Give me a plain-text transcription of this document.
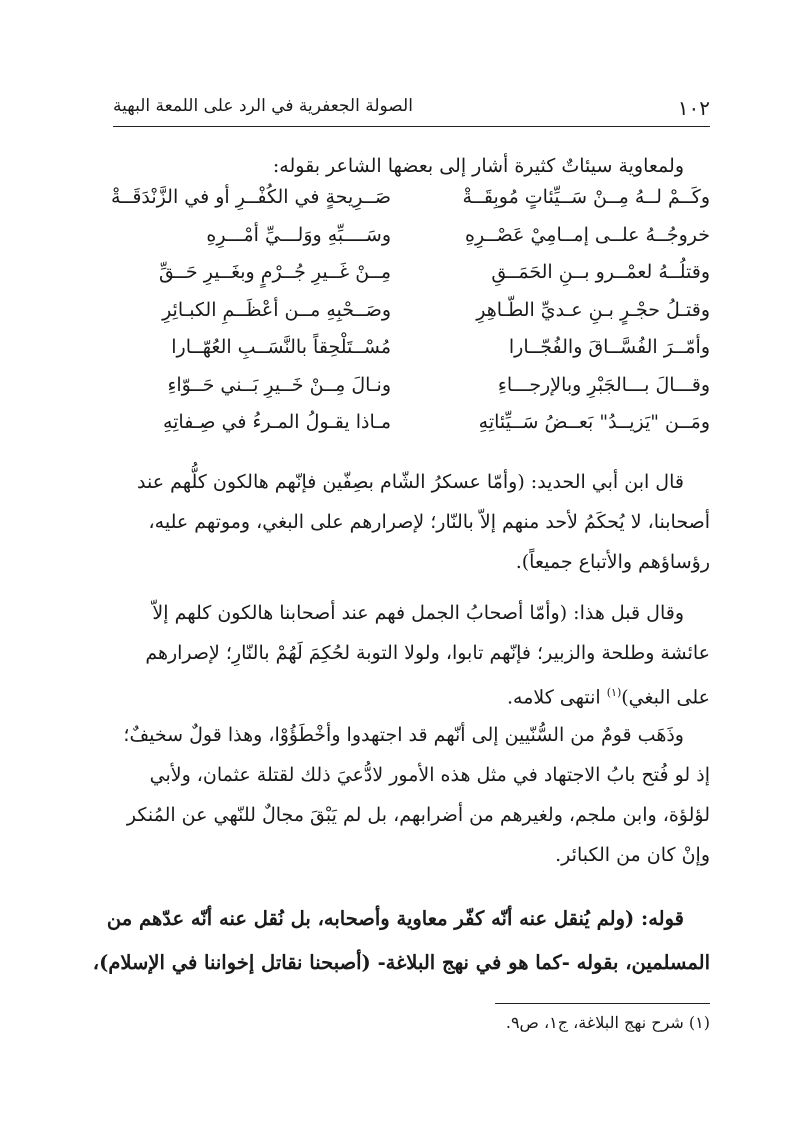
١٠٢
الصولة الجعفرية في الرد على اللمعة البهية

ولمعاوية سيئاتٌ كثيرة أشار إلى بعضها الشاعر بقوله:

وكَــمْ لــهُ مِــنْ سَــيِّئاتٍ مُوبِقَــةْ
صَــرِيحةٍ في الكُفْــرِ أو في الزَّنْدَقَــةْ
خروجُــهُ علــى إمــامِيْ عَصْــرِهِ
وسَــــبِّهِ ووَلـــيِّ أمْـــرِهِ
وقتلُــهُ لعمْــرو بــنِ الحَمَــقِ
مِــنْ غَــيرِ جُــرْمٍ وبغَــيرِ حَــقِّ
وقتـلُ حجْـرٍ بـنِ عـديِّ الطّـاهِرِ
وصَــحْبِهِ مــن أعْظَــمِ الكبـائِرِ
وأمّــرَ الفُسَّــاقَ والفُجّــارا
مُسْــتَلْحِقاً بالنَّسَــبِ العُهّــارا
وقـــالَ بـــالجَبْرِ وبالإرجـــاءِ
ونـالَ مِــنْ خَــيرِ بَــني حَــوّاءِ
ومَــن "يَزيــدُ" بَعــضُ سَــيِّئاتِهِ
مـاذا يقـولُ المـرءُ في صِـفاتِهِ

قال ابن أبي الحديد: (وأمّا عسكرُ الشّام بصِفّين فإنّهم هالكون كلُّهم عند

أصحابنا، لا يُحكَمُ لأحد منهم إلاّ بالنّار؛ لإصرارهم على البغي، وموتهم عليه،

رؤساؤهم والأتباع جميعاً).

وقال قبل هذا: (وأمّا أصحابُ الجمل فهم عند أصحابنا هالكون كلهم إلاّ

عائشة وطلحة والزبير؛ فإنّهم تابوا، ولولا التوبة لحُكِمَ لَهُمْ بالنّارِ؛ لإصرارهم

على البغي)$^{(١)}$ انتهى كلامه.

وذَهَب قومٌ من السُّنّيين إلى أنّهم قد اجتهدوا وأخْطَؤُوْا، وهذا قولٌ سخيفٌ؛

إذ لو فُتح بابُ الاجتهاد في مثل هذه الأمور لادُّعيَ ذلك لقتلة عثمان، ولأبي

لؤلؤة، وابن ملجم، ولغيرهم من أضرابهم، بل لم يَبْقَ مجالٌ للنّهي عن المُنكر

وإنْ كان من الكبائر.

قوله: (ولم يُنقل عنه أنّه كفّر معاوية وأصحابه، بل نُقل عنه أنّه عدّهم من

المسلمين، بقوله -كما هو في نهج البلاغة- (أصبحنا نقاتل إخواننا في الإسلام)،

(١) شرح نهج البلاغة، ج١، ص٩.
